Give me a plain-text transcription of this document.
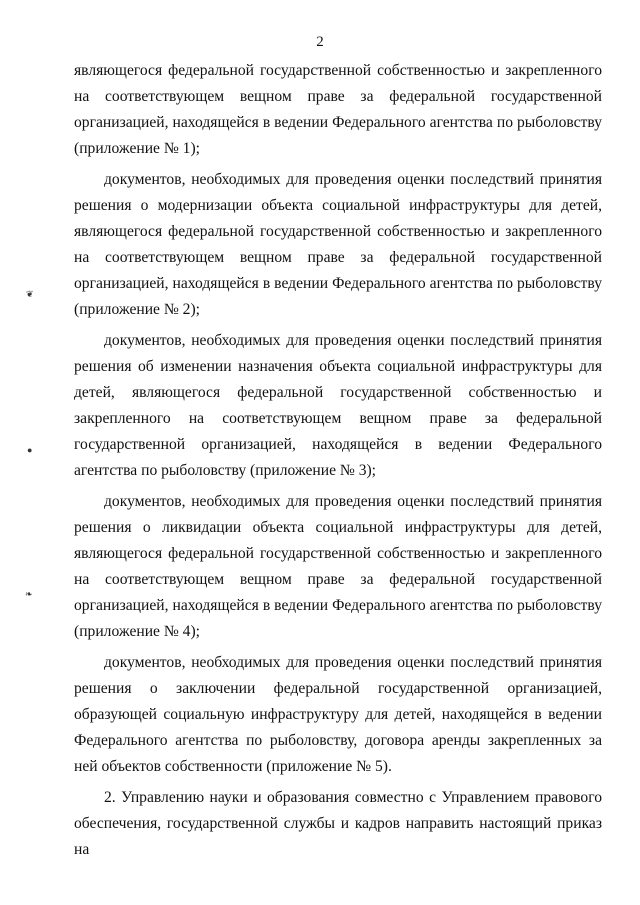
2

являющегося федеральной государственной собственностью и закрепленного на соответствующем вещном праве за федеральной государственной организацией, находящейся в ведении Федерального агентства по рыболовству (приложение № 1);

документов, необходимых для проведения оценки последствий принятия решения о модернизации объекта социальной инфраструктуры для детей, являющегося федеральной государственной собственностью и закрепленного на соответствующем вещном праве за федеральной государственной организацией, находящейся в ведении Федерального агентства по рыболовству (приложение № 2);

документов, необходимых для проведения оценки последствий принятия решения об изменении назначения объекта социальной инфраструктуры для детей, являющегося федеральной государственной собственностью и закрепленного на соответствующем вещном праве за федеральной государственной организацией, находящейся в ведении Федерального агентства по рыболовству (приложение № 3);

документов, необходимых для проведения оценки последствий принятия решения о ликвидации объекта социальной инфраструктуры для детей, являющегося федеральной государственной собственностью и закрепленного на соответствующем вещном праве за федеральной государственной организацией, находящейся в ведении Федерального агентства по рыболовству (приложение № 4);

документов, необходимых для проведения оценки последствий принятия решения о заключении федеральной государственной организацией, образующей социальную инфраструктуру для детей, находящейся в ведении Федерального агентства по рыболовству, договора аренды закрепленных за ней объектов собственности (приложение № 5).

2. Управлению науки и образования совместно с Управлением правового обеспечения, государственной службы и кадров направить настоящий приказ на

❦
●
❧
